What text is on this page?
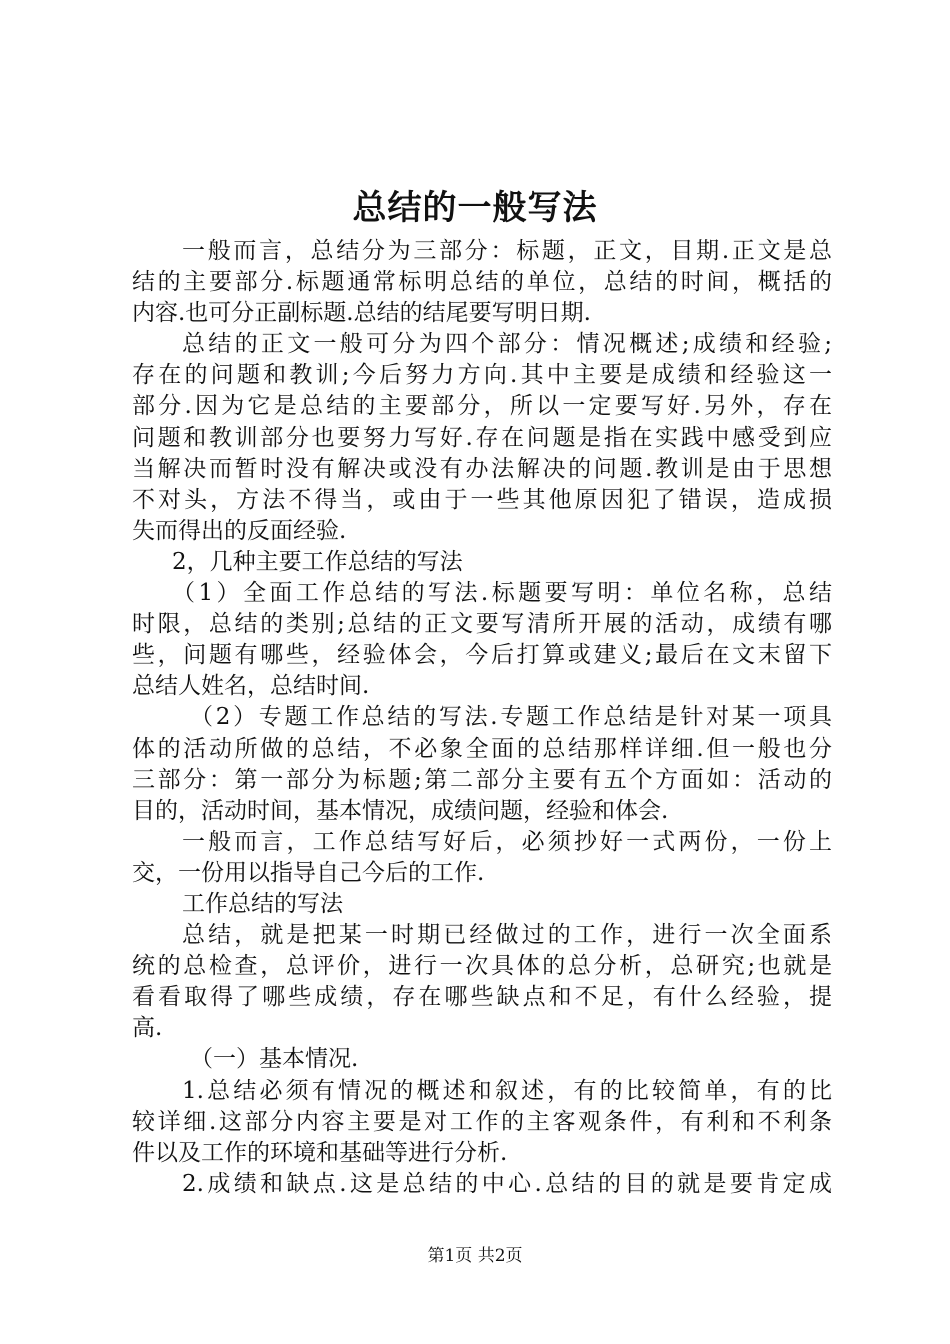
总结的一般写法
一般而言，总结分为三部分：标题，正文，目期.正文是总
结的主要部分.标题通常标明总结的单位，总结的时间，概括的
内容.也可分正副标题.总结的结尾要写明日期.
总结的正文一般可分为四个部分：情况概述;成绩和经验;
存在的问题和教训;今后努力方向.其中主要是成绩和经验这一
部分.因为它是总结的主要部分，所以一定要写好.另外，存在
问题和教训部分也要努力写好.存在问题是指在实践中感受到应
当解决而暂时没有解决或没有办法解决的问题.教训是由于思想
不对头，方法不得当，或由于一些其他原因犯了错误，造成损
失而得出的反面经验.
2，几种主要工作总结的写法
（1）全面工作总结的写法.标题要写明：单位名称，总结
时限，总结的类别;总结的正文要写清所开展的活动，成绩有哪
些，问题有哪些，经验体会，今后打算或建义;最后在文末留下
总结人姓名，总结时间.
（2）专题工作总结的写法.专题工作总结是针对某一项具
体的活动所做的总结，不必象全面的总结那样详细.但一般也分
三部分：第一部分为标题;第二部分主要有五个方面如：活动的
目的，活动时间，基本情况，成绩问题，经验和体会.
一般而言，工作总结写好后，必须抄好一式两份，一份上
交，一份用以指导自己今后的工作.
工作总结的写法
总结，就是把某一时期已经做过的工作，进行一次全面系
统的总检查，总评价，进行一次具体的总分析，总研究;也就是
看看取得了哪些成绩，存在哪些缺点和不足，有什么经验，提
高.
（一）基本情况.
1.总结必须有情况的概述和叙述，有的比较简单，有的比
较详细.这部分内容主要是对工作的主客观条件，有利和不利条
件以及工作的环境和基础等进行分析.
2.成绩和缺点.这是总结的中心.总结的目的就是要肯定成
第1页 共2页
